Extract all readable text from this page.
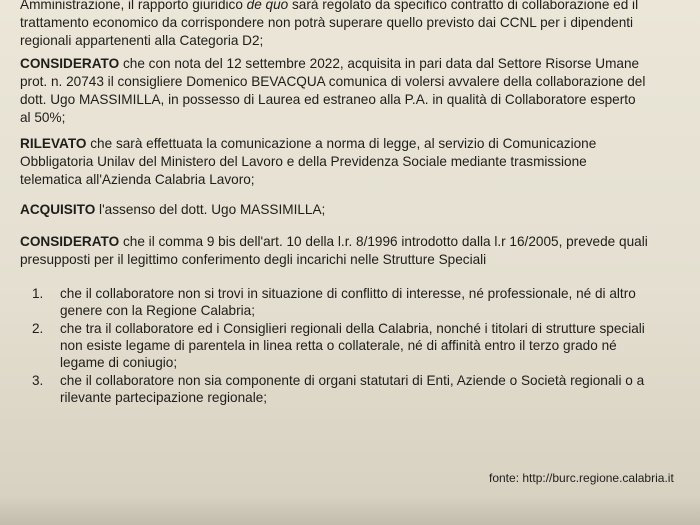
Amministrazione, il rapporto giuridico de quo sarà regolato da specifico contratto di collaborazione ed il
trattamento economico da corrispondere non potrà superare quello previsto dai CCNL per i dipendenti
regionali appartenenti alla Categoria D2;
CONSIDERATO che con nota del 12 settembre 2022, acquisita in pari data dal Settore Risorse Umane
prot. n. 20743 il consigliere Domenico BEVACQUA comunica di volersi avvalere della collaborazione del
dott. Ugo MASSIMILLA, in possesso di Laurea ed estraneo alla P.A. in qualità di Collaboratore esperto
al 50%;
RILEVATO che sarà effettuata la comunicazione a norma di legge, al servizio di Comunicazione
Obbligatoria Unilav del Ministero del Lavoro e della Previdenza Sociale mediante trasmissione
telematica all'Azienda Calabria Lavoro;
ACQUISITO l'assenso del dott. Ugo MASSIMILLA;
CONSIDERATO che il comma 9 bis dell'art. 10 della l.r. 8/1996 introdotto dalla l.r 16/2005, prevede quali
presupposti per il legittimo conferimento degli incarichi nelle Strutture Speciali
1. che il collaboratore non si trovi in situazione di conflitto di interesse, né professionale, né di altro
genere con la Regione Calabria;
2. che tra il collaboratore ed i Consiglieri regionali della Calabria, nonché i titolari di strutture speciali
non esiste legame di parentela in linea retta o collaterale, né di affinità entro il terzo grado né
legame di coniugio;
3. che il collaboratore non sia componente di organi statutari di Enti, Aziende o Società regionali o a
rilevante partecipazione regionale;
fonte: http://burc.regione.calabria.it
